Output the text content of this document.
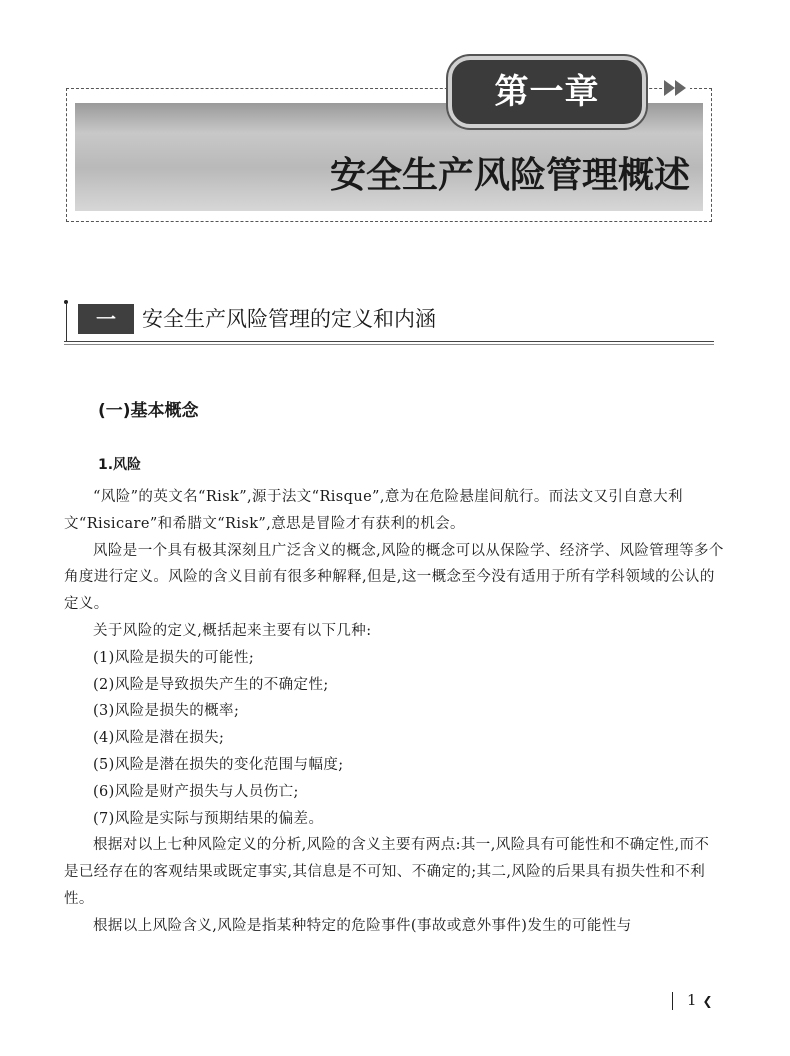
第一章
安全生产风险管理概述
一	安全生产风险管理的定义和内涵
(一)基本概念
1.风险

“风险”的英文名“Risk”,源于法文“Risque”,意为在危险悬崖间航行。而法文又引自意大利文“Risicare”和希腊文“Risk”,意思是冒险才有获利的机会。

风险是一个具有极其深刻且广泛含义的概念,风险的概念可以从保险学、经济学、风险管理等多个角度进行定义。风险的含义目前有很多种解释,但是,这一概念至今没有适用于所有学科领域的公认的定义。

关于风险的定义,概括起来主要有以下几种:

(1)风险是损失的可能性;

(2)风险是导致损失产生的不确定性;

(3)风险是损失的概率;

(4)风险是潜在损失;

(5)风险是潜在损失的变化范围与幅度;

(6)风险是财产损失与人员伤亡;

(7)风险是实际与预期结果的偏差。

根据对以上七种风险定义的分析,风险的含义主要有两点:其一,风险具有可能性和不确定性,而不是已经存在的客观结果或既定事实,其信息是不可知、不确定的;其二,风险的后果具有损失性和不利性。

根据以上风险含义,风险是指某种特定的危险事件(事故或意外事件)发生的可能性与

1 ❮
